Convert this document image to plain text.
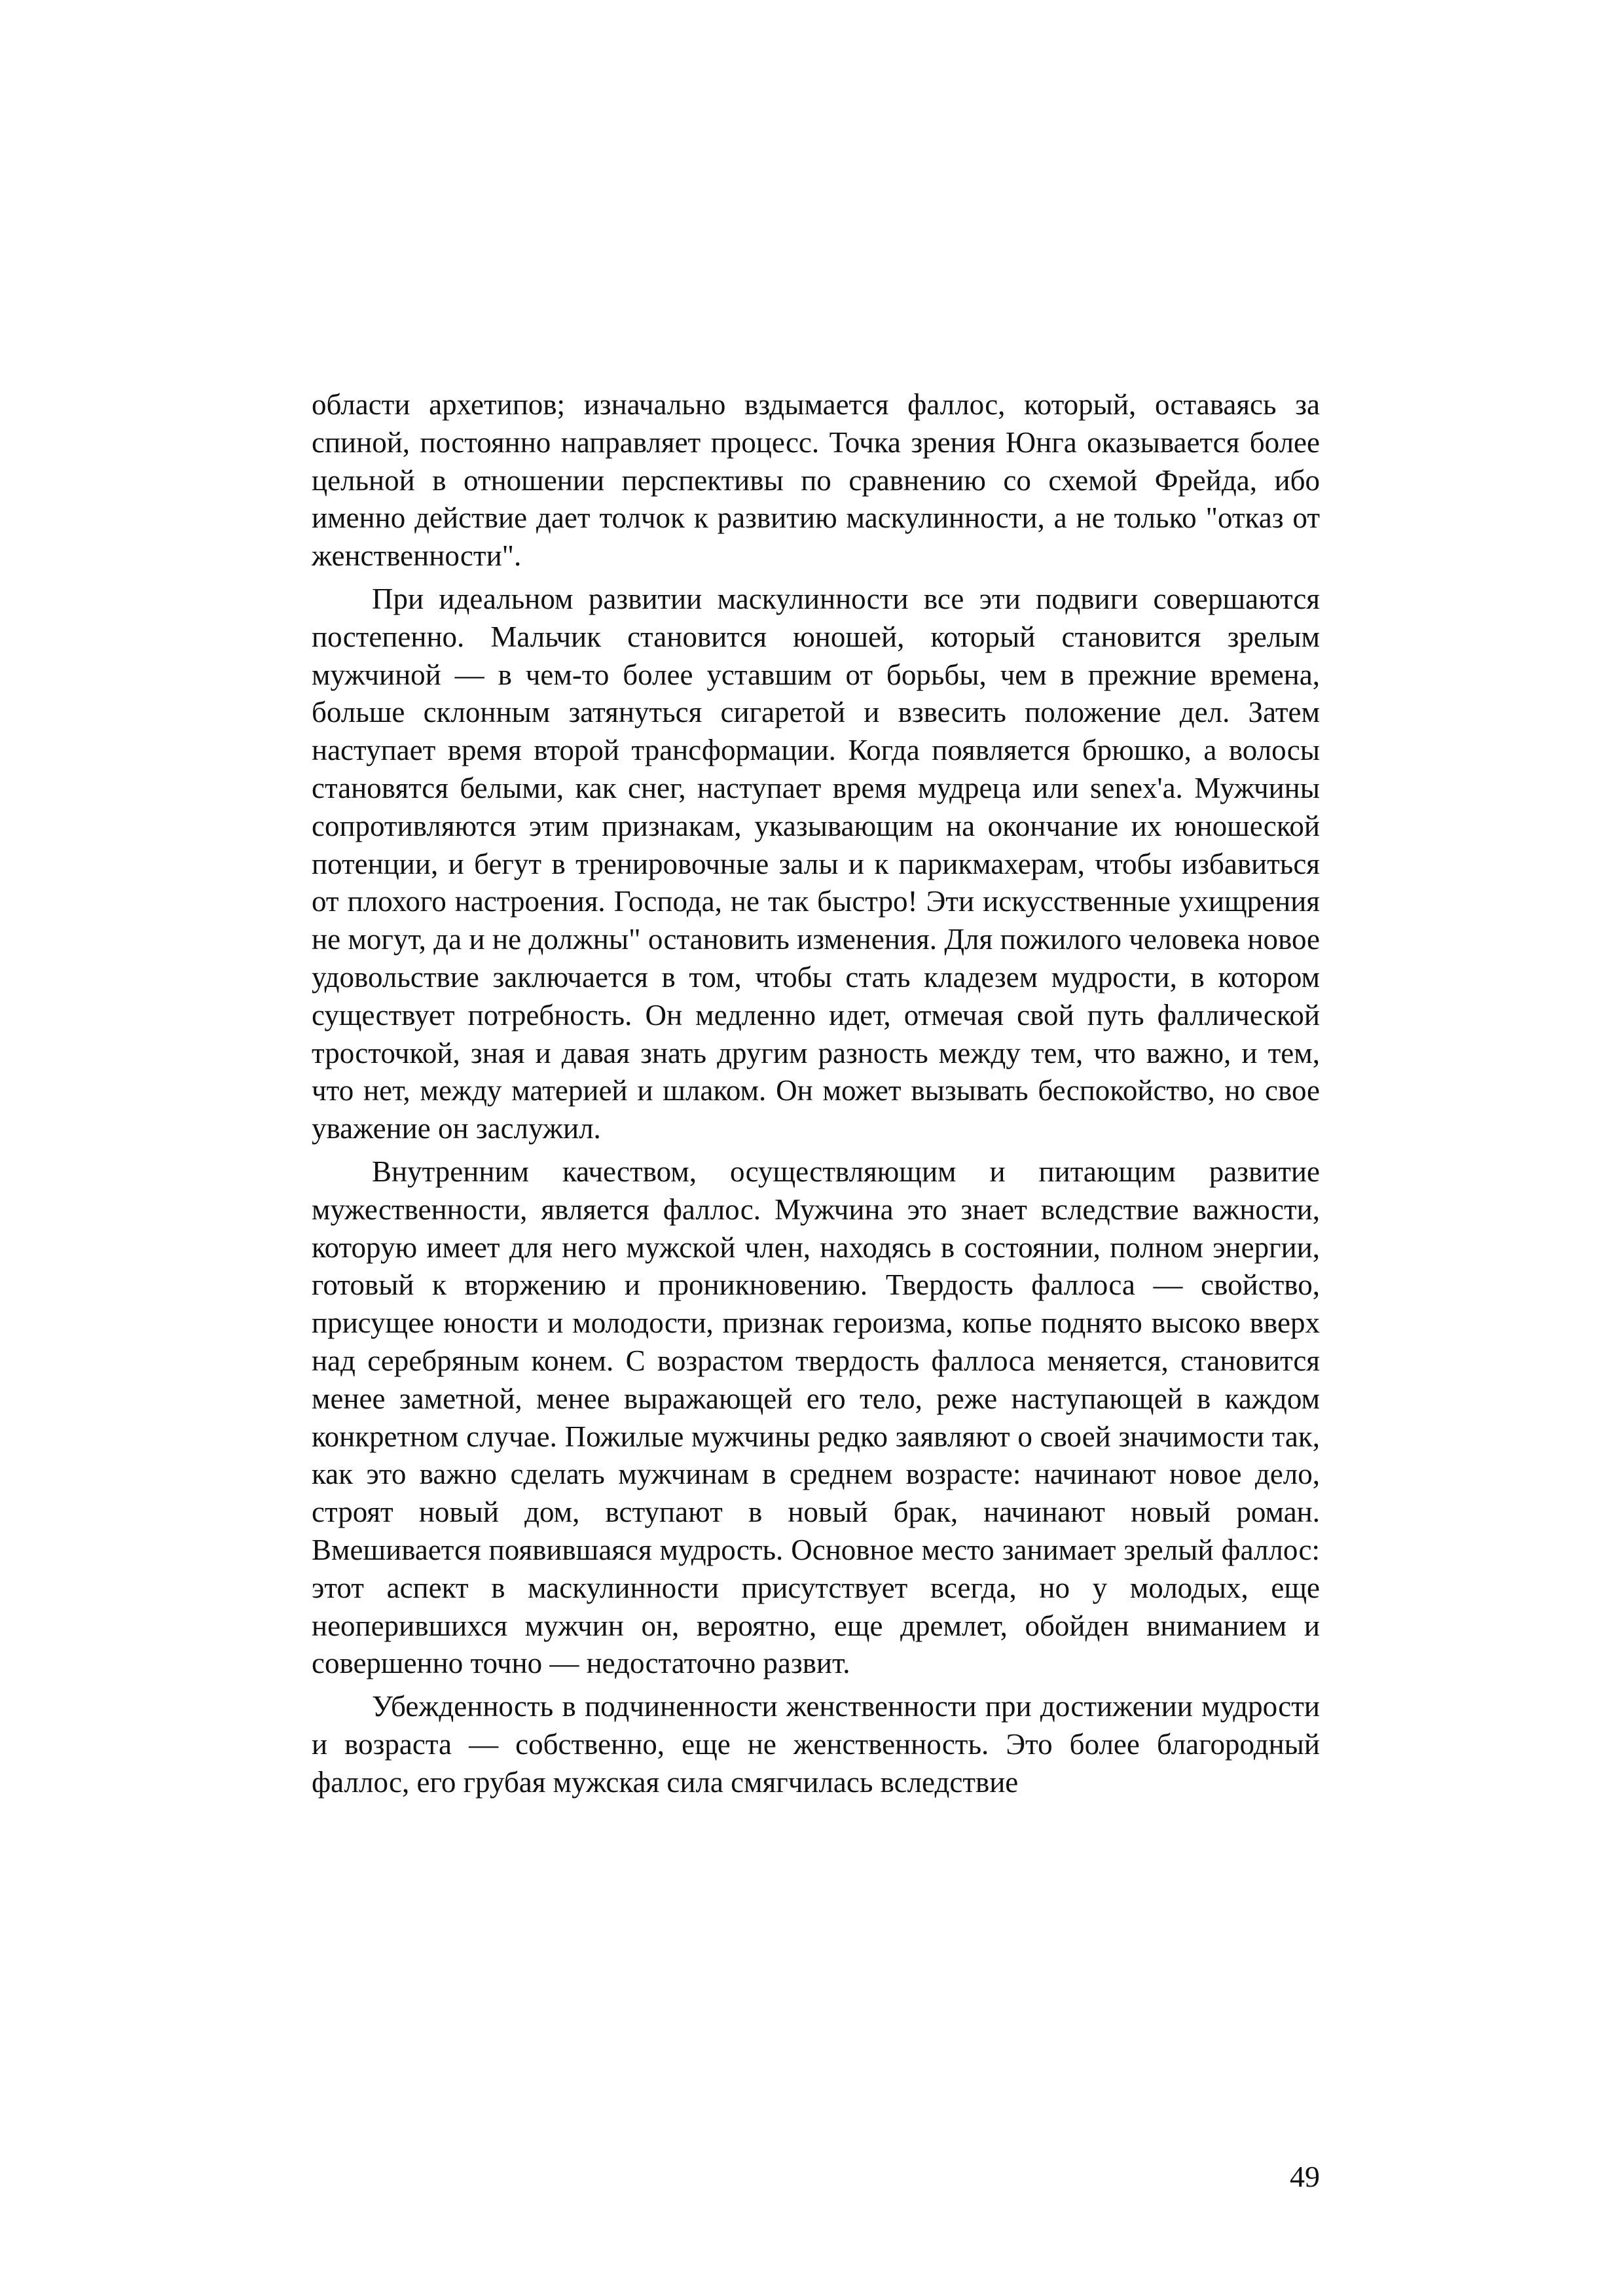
области архетипов; изначально вздымается фаллос, который, оставаясь за спиной, постоянно направляет процесс. Точка зрения Юнга оказывается более цельной в отношении перспективы по сравнению со схемой Фрейда, ибо именно действие дает толчок к развитию маскулинности, а не только "отказ от женственности".

При идеальном развитии маскулинности все эти подвиги совершаются постепенно. Мальчик становится юношей, который становится зрелым мужчиной — в чем-то более уставшим от борьбы, чем в прежние времена, больше склонным затянуться сигаретой и взвесить положение дел. Затем наступает время второй трансформации. Когда появляется брюшко, а волосы становятся белыми, как снег, наступает время мудреца или senex'a. Мужчины сопротивляются этим признакам, указывающим на окончание их юношеской потенции, и бегут в тренировочные залы и к парикмахерам, чтобы избавиться от плохого настроения. Господа, не так быстро! Эти искусственные ухищрения не могут, да и не должны" остановить изменения. Для пожилого человека новое удовольствие заключается в том, чтобы стать кладезем мудрости, в котором существует потребность. Он медленно идет, отмечая свой путь фаллической тросточкой, зная и давая знать другим разность между тем, что важно, и тем, что нет, между материей и шлаком. Он может вызывать беспокойство, но свое уважение он заслужил.

Внутренним качеством, осуществляющим и питающим развитие мужественности, является фаллос. Мужчина это знает вследствие важности, которую имеет для него мужской член, находясь в состоянии, полном энергии, готовый к вторжению и проникновению. Твердость фаллоса — свойство, присущее юности и молодости, признак героизма, копье поднято высоко вверх над серебряным конем. С возрастом твердость фаллоса меняется, становится менее заметной, менее выражающей его тело, реже наступающей в каждом конкретном случае. Пожилые мужчины редко заявляют о своей значимости так, как это важно сделать мужчинам в среднем возрасте: начинают новое дело, строят новый дом, вступают в новый брак, начинают новый роман. Вмешивается появившаяся мудрость. Основное место занимает зрелый фаллос: этот аспект в маскулинности присутствует всегда, но у молодых, еще неоперившихся мужчин он, вероятно, еще дремлет, обойден вниманием и совершенно точно — недостаточно развит.

Убежденность в подчиненности женственности при достижении мудрости и возраста — собственно, еще не женственность. Это более благородный фаллос, его грубая мужская сила смягчилась вследствие

49
